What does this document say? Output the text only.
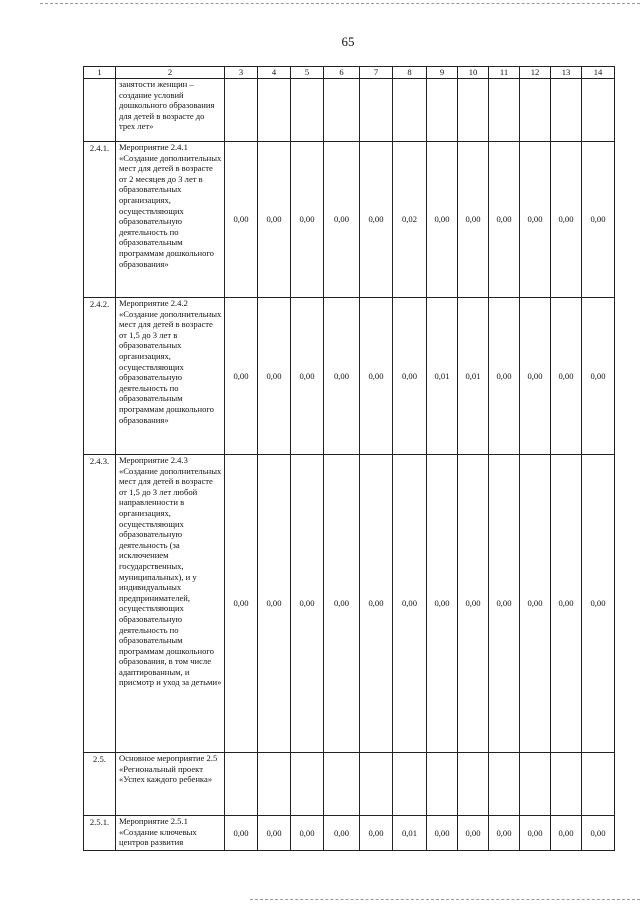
65
1	2	3	4	5	6	7	8	9	10	11	12	13	14
	занятости женщин – создание условий дошкольного образования для детей в возрасте до трех лет»												
2.4.1.	Мероприятие 2.4.1 «Создание дополнительных мест для детей в возрасте от 2 месяцев до 3 лет в образовательных организациях, осуществляющих образовательную деятельность по образовательным программам дошкольного образования»	0,00	0,00	0,00	0,00	0,00	0,02	0,00	0,00	0,00	0,00	0,00	0,00
2.4.2.	Мероприятие 2.4.2 «Создание дополнительных мест для детей в возрасте от 1,5 до 3 лет в образовательных организациях, осуществляющих образовательную деятельность по образовательным программам дошкольного образования»	0,00	0,00	0,00	0,00	0,00	0,00	0,01	0,01	0,00	0,00	0,00	0,00
2.4.3.	Мероприятие 2.4.3 «Создание дополнительных мест для детей в возрасте от 1,5 до 3 лет любой направленности в организациях, осуществляющих образовательную деятельность (за исключением государственных, муниципальных), и у индивидуальных предпринимателей, осуществляющих образовательную деятельность по образовательным программам дошкольного образования, в том числе адаптированным, и присмотр и уход за детьми»	0,00	0,00	0,00	0,00	0,00	0,00	0,00	0,00	0,00	0,00	0,00	0,00
2.5.	Основное мероприятие 2.5 «Региональный проект «Успех каждого ребенка»												
2.5.1.	Мероприятие 2.5.1 «Создание ключевых центров развития	0,00	0,00	0,00	0,00	0,00	0,01	0,00	0,00	0,00	0,00	0,00	0,00
